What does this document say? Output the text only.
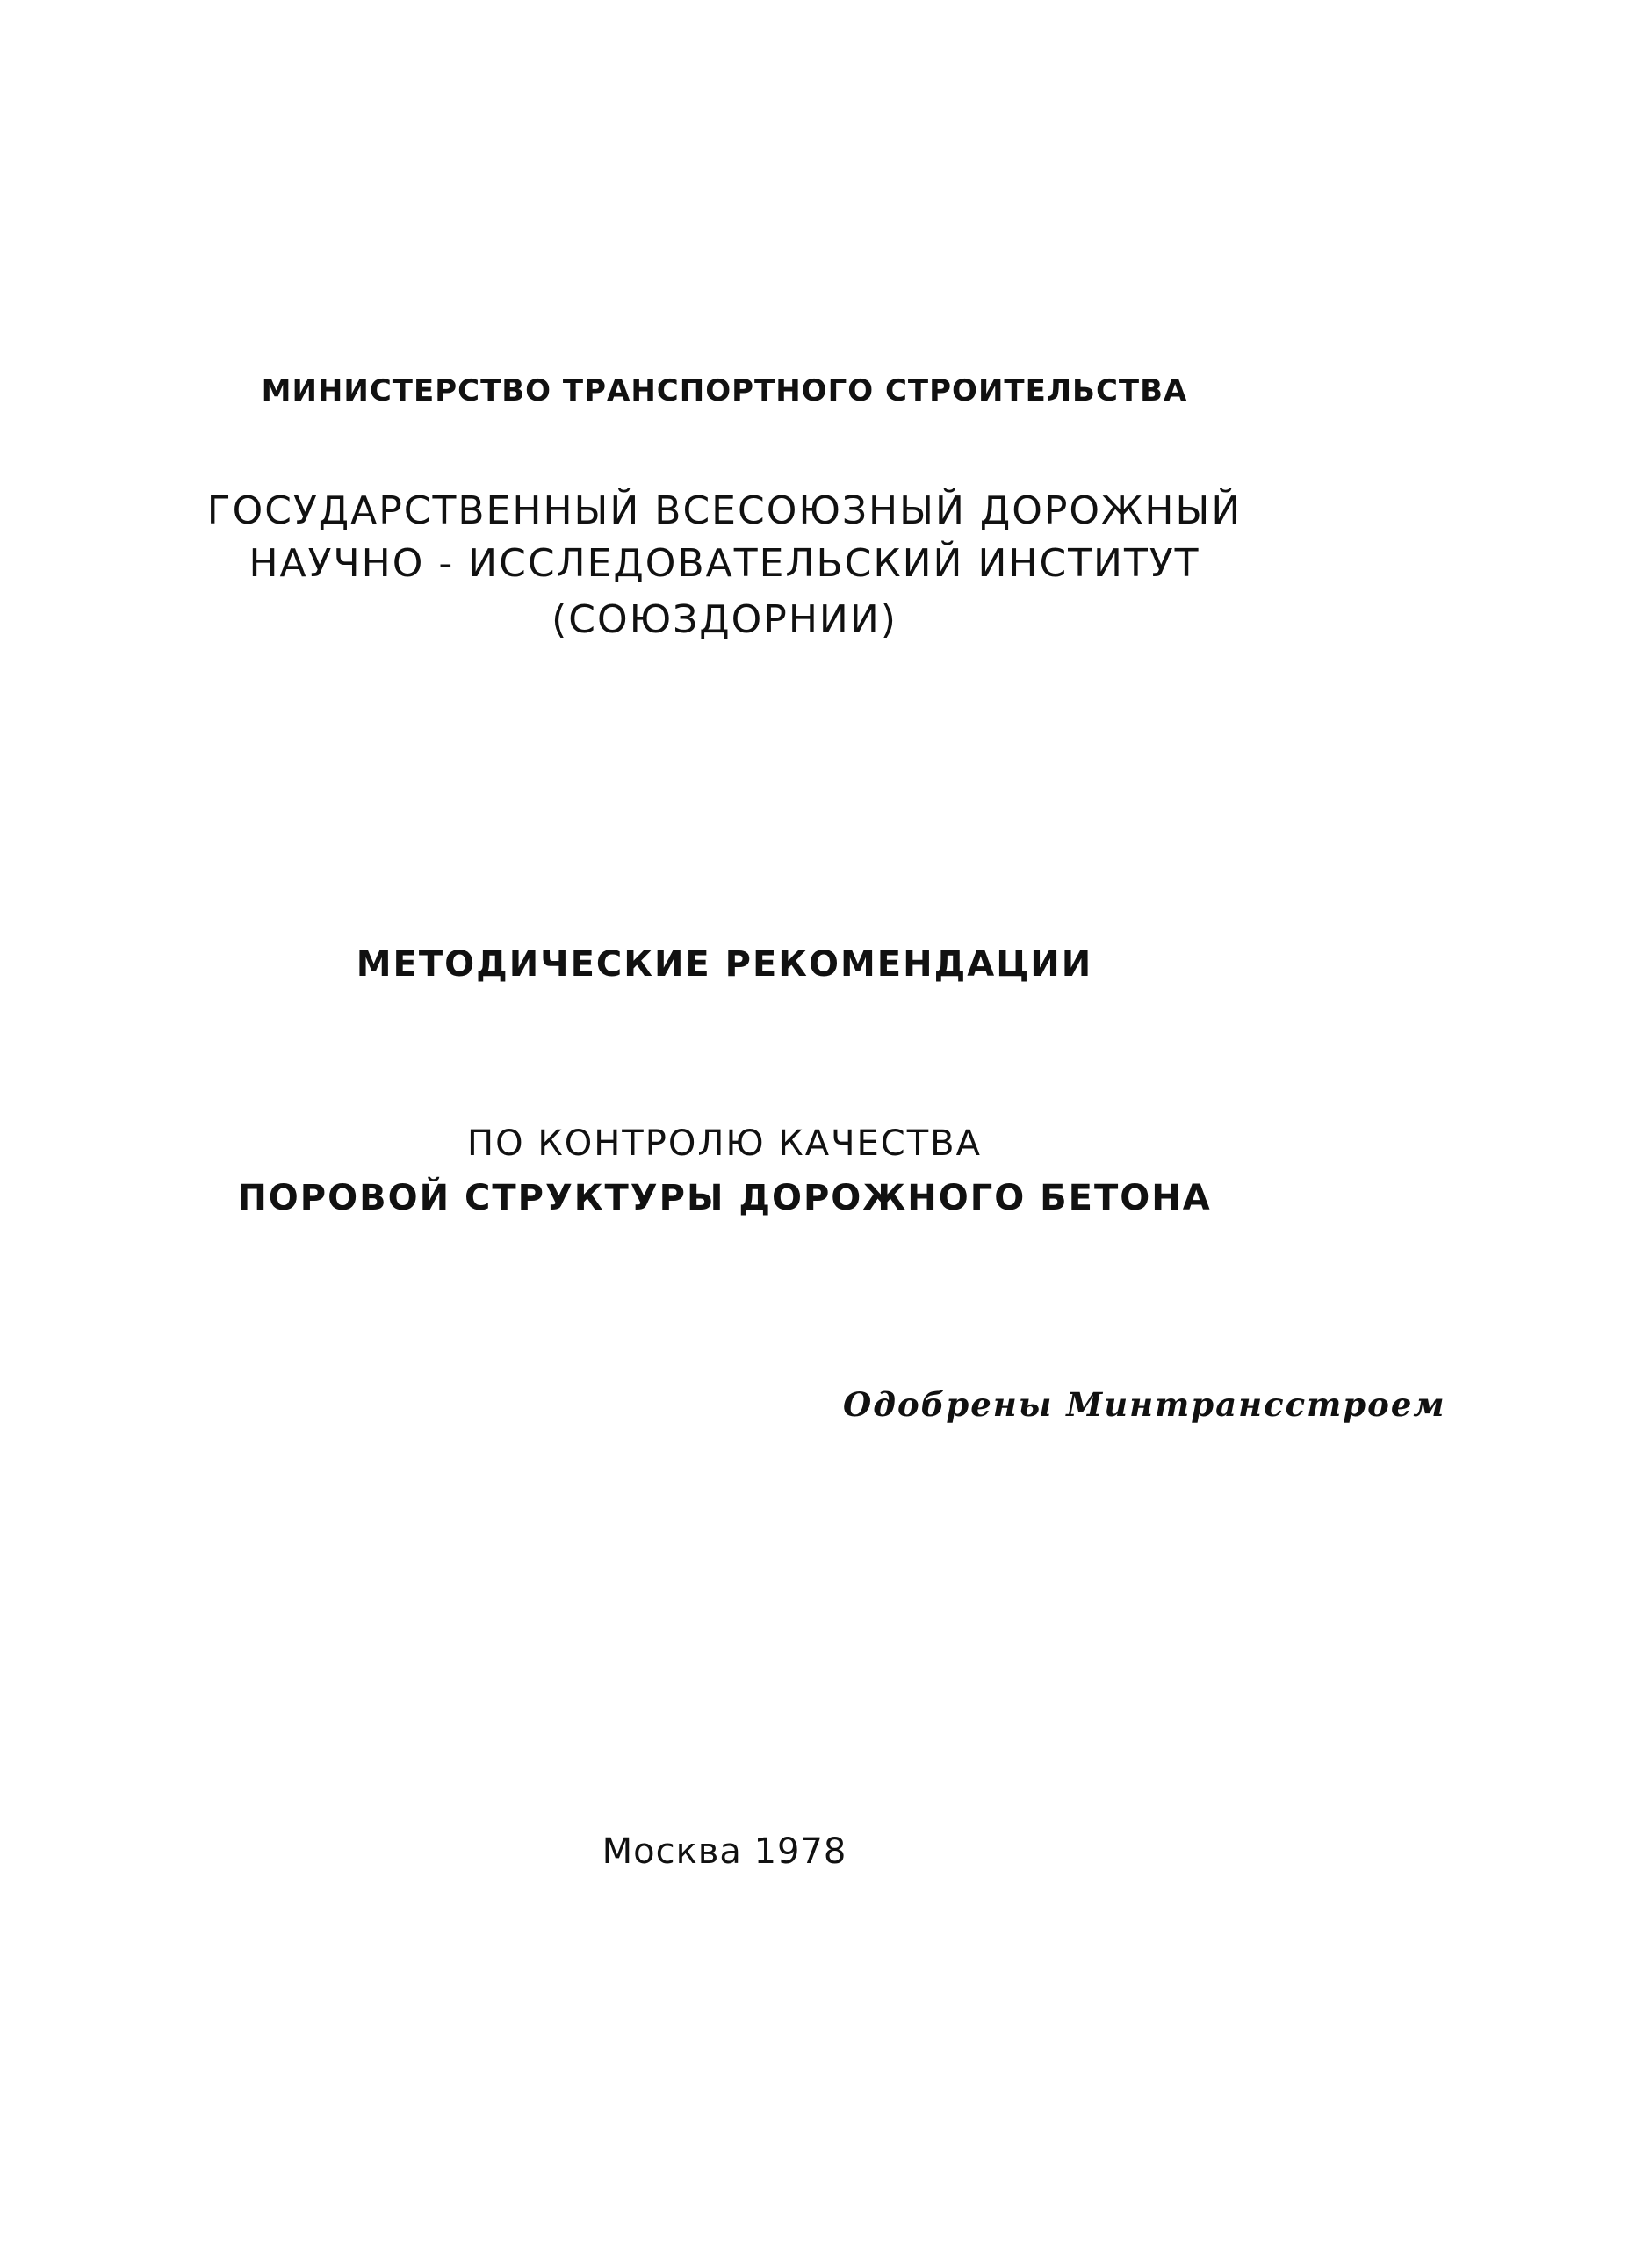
МИНИСТЕРСТВО ТРАНСПОРТНОГО СТРОИТЕЛЬСТВА
ГОСУДАРСТВЕННЫЙ ВСЕСОЮЗНЫЙ ДОРОЖНЫЙ
НАУЧНО - ИССЛЕДОВАТЕЛЬСКИЙ ИНСТИТУТ
(СОЮЗДОРНИИ)
МЕТОДИЧЕСКИЕ РЕКОМЕНДАЦИИ
ПО КОНТРОЛЮ КАЧЕСТВА
ПОРОВОЙ СТРУКТУРЫ ДОРОЖНОГО БЕТОНА
Одобрены Минтрансстроем
Москва 1978
